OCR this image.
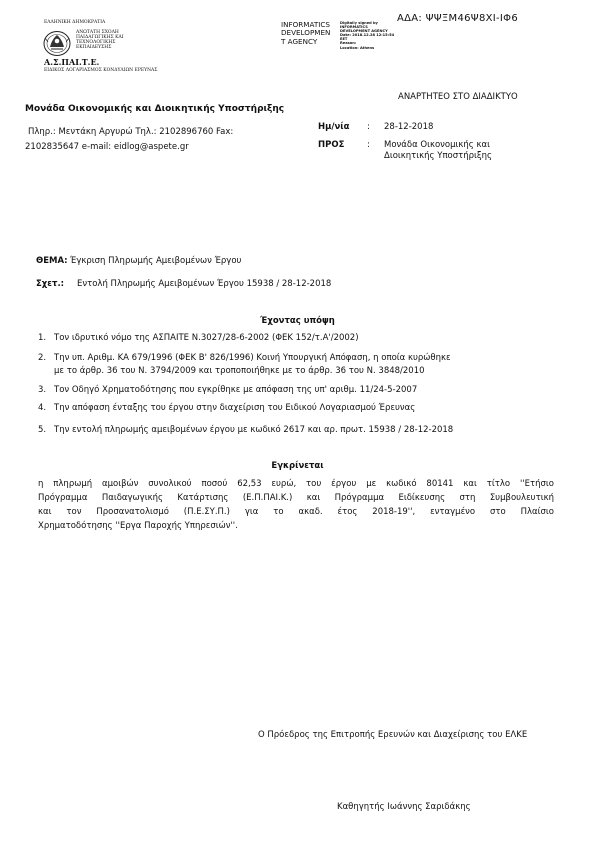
ΕΛΛΗΝΙΚΗ ΔΗΜΟΚΡΑΤΙΑ
ΑΝΩΤΑΤΗ ΣΧΟΛΗ
ΠΑΙΔΑΓΩΓΙΚΗΣ ΚΑΙ
ΤΕΧΝΟΛΟΓΙΚΗΣ
ΕΚΠΑΙΔΕΥΣΗΣ
Α.Σ.ΠΑΙ.Τ.Ε.
ΕΙΔΙΚΟΣ ΛΟΓΑΡΙΑΣΜΟΣ ΚΟΝΔΥΛΙΩΝ ΕΡΕΥΝΑΣ
INFORMATICS
DEVELOPMEN
T AGENCY
Digitally signed by
INFORMATICS
DEVELOPMENT AGENCY
Date: 2018.12.28 12:15:54
EET
Reason:
Location: Athens
ΑΔΑ: ΨΨΞΜ46Ψ8ΧΙ-ΙΦ6
ΑΝΑΡΤΗΤΕΟ ΣΤΟ ΔΙΑΔΙΚΤΥΟ
Μονάδα Οικονομικής και Διοικητικής Υποστήριξης
Πληρ.: Μεντάκη Αργυρώ Τηλ.: 2102896760 Fax:
2102835647 e-mail: eidlog@aspete.gr
Ημ/νία : 28-12-2018
ΠΡΟΣ	: Μονάδα Οικονομικής και
Διοικητικής Υποστήριξης
ΘΕΜΑ: Έγκριση Πληρωμής Αμειβομένων Έργου
Σχετ.: Εντολή Πληρωμής Αμειβομένων Έργου 15938 / 28-12-2018
Έχοντας υπόψη
1. Τον ιδρυτικό νόμο της ΑΣΠΑΙΤΕ Ν.3027/28-6-2002 (ΦΕΚ 152/τ.Α'/2002)
2. Την υπ. Αριθμ. ΚΑ 679/1996 (ΦΕΚ Β' 826/1996) Κοινή Υπουργική Απόφαση, η οποία κυρώθηκε
με το άρθρ. 36 του Ν. 3794/2009 και τροποποιήθηκε με το άρθρ. 36 του Ν. 3848/2010
3. Τον Οδηγό Χρηματοδότησης που εγκρίθηκε με απόφαση της υπ' αριθμ. 11/24-5-2007
4. Την απόφαση ένταξης του έργου στην διαχείριση του Ειδικού Λογαριασμού Έρευνας
5. Την εντολή πληρωμής αμειβομένων έργου με κωδικό 2617 και αρ. πρωτ. 15938 / 28-12-2018
Εγκρίνεται
η πληρωμή αμοιβών συνολικού ποσού 62,53 ευρώ, του έργου με κωδικό 80141 και τίτλο ''Ετήσιο
Πρόγραμμα Παιδαγωγικής Κατάρτισης (Ε.Π.ΠΑΙ.Κ.) και Πρόγραμμα Ειδίκευσης στη Συμβουλευτική
και τον Προσανατολισμό (Π.Ε.ΣΥ.Π.) για το ακαδ. έτος 2018-19'', ενταγμένο στο Πλαίσιο
Χρηματοδότησης ''Εργα Παροχής Υπηρεσιών''.
Ο Πρόεδρος της Επιτροπής Ερευνών και Διαχείρισης του ΕΛΚΕ
Καθηγητής Ιωάννης Σαριδάκης
